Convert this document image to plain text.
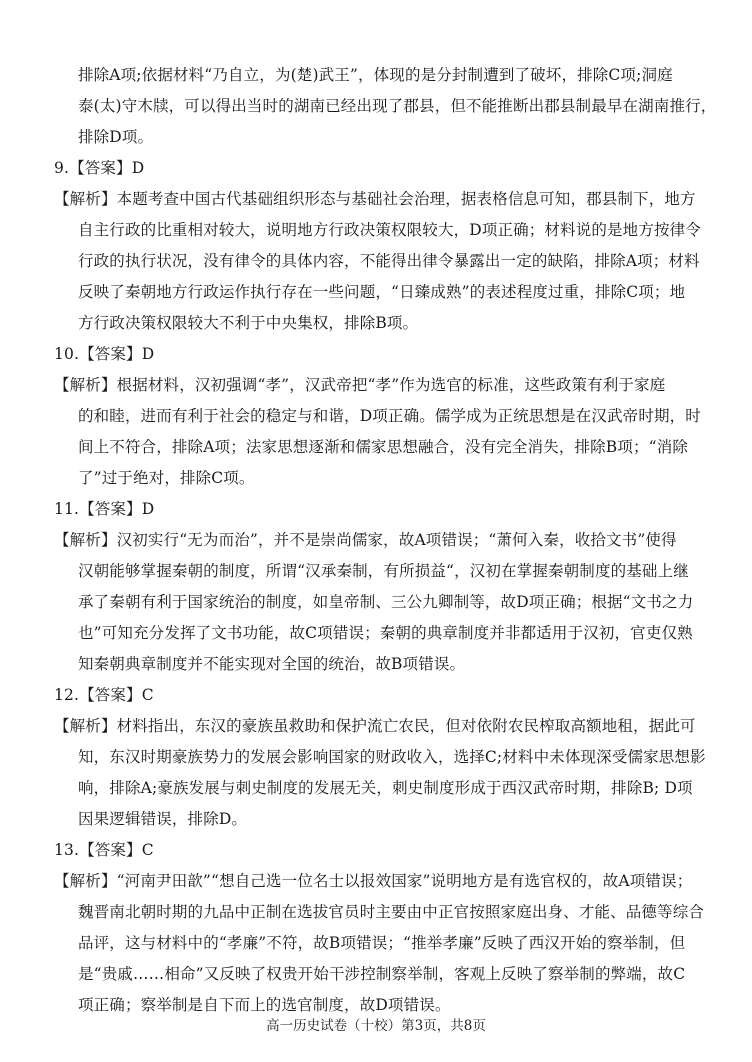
排除A项;依据材料“乃自立，为(楚)武王”，体现的是分封制遭到了破坏，排除C项;洞庭
泰(太)守木牍，可以得出当时的湖南已经出现了郡县，但不能推断出郡县制最早在湖南推行，
排除D项。
9.【答案】D
【解析】本题考查中国古代基础组织形态与基础社会治理，据表格信息可知，郡县制下，地方
自主行政的比重相对较大，说明地方行政决策权限较大，D项正确；材料说的是地方按律令
行政的执行状况，没有律令的具体内容，不能得出律令暴露出一定的缺陷，排除A项；材料
反映了秦朝地方行政运作执行存在一些问题，“日臻成熟”的表述程度过重，排除C项；地
方行政决策权限较大不利于中央集权，排除B项。
10.【答案】D
【解析】根据材料，汉初强调“孝”，汉武帝把“孝”作为选官的标准，这些政策有利于家庭
的和睦，进而有利于社会的稳定与和谐，D项正确。儒学成为正统思想是在汉武帝时期，时
间上不符合，排除A项；法家思想逐渐和儒家思想融合，没有完全消失，排除B项；“消除
了”过于绝对，排除C项。
11.【答案】D
【解析】汉初实行“无为而治”，并不是崇尚儒家，故A项错误；“萧何入秦，收拾文书”使得
汉朝能够掌握秦朝的制度，所谓“汉承秦制，有所损益“，汉初在掌握秦朝制度的基础上继
承了秦朝有利于国家统治的制度，如皇帝制、三公九卿制等，故D项正确；根据“文书之力
也”可知充分发挥了文书功能，故C项错误；秦朝的典章制度并非都适用于汉初，官吏仅熟
知秦朝典章制度并不能实现对全国的统治，故B项错误。
12.【答案】C
【解析】材料指出，东汉的豪族虽救助和保护流亡农民，但对依附农民榨取高额地租，据此可
知，东汉时期豪族势力的发展会影响国家的财政收入，选择C;材料中未体现深受儒家思想影
响，排除A;豪族发展与刺史制度的发展无关，刺史制度形成于西汉武帝时期，排除B; D项
因果逻辑错误，排除D。
13.【答案】C
【解析】“河南尹田歆”“想自己选一位名士以报效国家”说明地方是有选官权的，故A项错误；
魏晋南北朝时期的九品中正制在选拔官员时主要由中正官按照家庭出身、才能、品德等综合
品评，这与材料中的“孝廉”不符，故B项错误；“推举孝廉”反映了西汉开始的察举制，但
是“贵戚……相命”又反映了权贵开始干涉控制察举制，客观上反映了察举制的弊端，故C
项正确；察举制是自下而上的选官制度，故D项错误。
高一历史试卷（十校）第3页，共8页
